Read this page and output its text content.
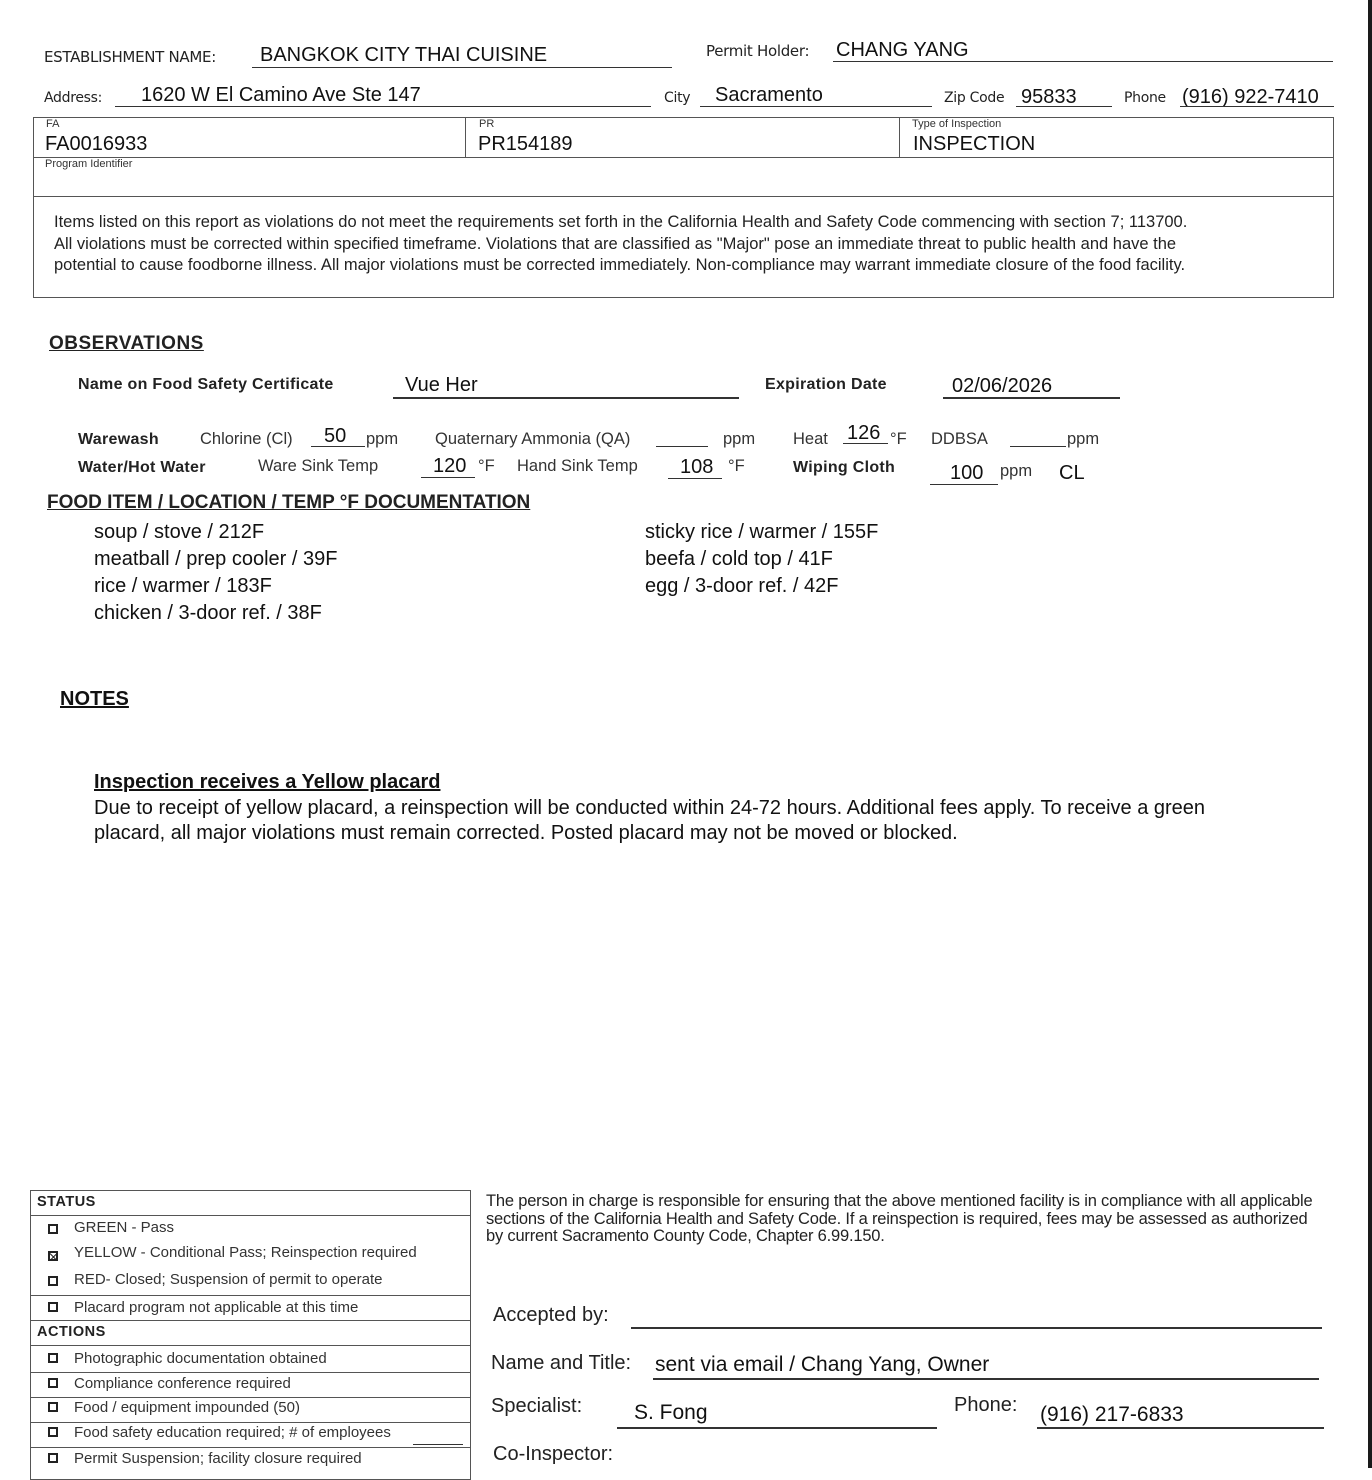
ESTABLISHMENT NAME: BANGKOK CITY THAI CUISINE	Permit Holder: CHANG YANG
Address: 1620 W El Camino Ave Ste 147	City Sacramento	Zip Code 95833	Phone (916) 922-7410
FA
FA0016933
PR
PR154189
Type of Inspection
INSPECTION
Program Identifier
Items listed on this report as violations do not meet the requirements set forth in the California Health and Safety Code commencing with section 7; 113700.
All violations must be corrected within specified timeframe. Violations that are classified as "Major" pose an immediate threat to public health and have the
potential to cause foodborne illness. All major violations must be corrected immediately. Non-compliance may warrant immediate closure of the food facility.
OBSERVATIONS
Name on Food Safety Certificate	Vue Her	Expiration Date	02/06/2026
Warewash Chlorine (Cl) 50 ppm Quaternary Ammonia (QA)	ppm Heat 126 °F DDBSA	ppm
Water/Hot Water	Ware Sink Temp	120 °F Hand Sink Temp 108 °F	Wiping Cloth	100 ppm CL
FOOD ITEM / LOCATION / TEMP °F DOCUMENTATION
soup / stove / 212F
meatball / prep cooler / 39F
rice / warmer / 183F
chicken / 3-door ref. / 38F
sticky rice / warmer / 155F
beefa / cold top / 41F
egg / 3-door ref. / 42F
NOTES
Inspection receives a Yellow placard
Due to receipt of yellow placard, a reinspection will be conducted within 24-72 hours. Additional fees apply. To receive a green placard, all major violations must remain corrected. Posted placard may not be moved or blocked.
STATUS
GREEN - Pass
YELLOW - Conditional Pass; Reinspection required
RED- Closed; Suspension of permit to operate
Placard program not applicable at this time
ACTIONS
Photographic documentation obtained
Compliance conference required
Food / equipment impounded (50)
Food safety education required; # of employees
Permit Suspension; facility closure required
The person in charge is responsible for ensuring that the above mentioned facility is in compliance with all applicable sections of the California Health and Safety Code. If a reinspection is required, fees may be assessed as authorized by current Sacramento County Code, Chapter 6.99.150.
Accepted by:
Name and Title: sent via email / Chang Yang, Owner
Specialist: S. Fong	Phone: (916) 217-6833
Co-Inspector:
